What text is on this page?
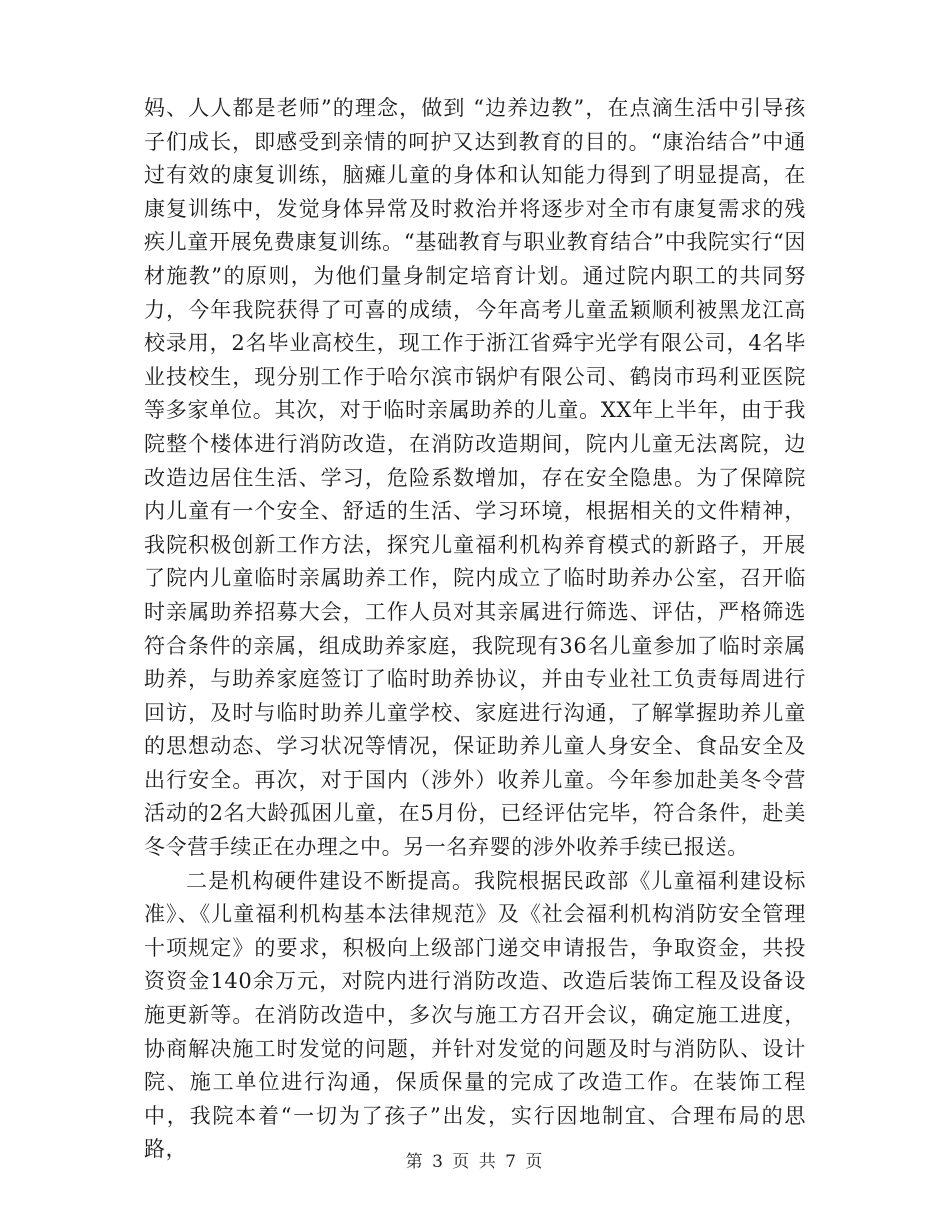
妈、人人都是老师”的理念，做到 “边养边教”，在点滴生活中引导孩子们成长，即感受到亲情的呵护又达到教育的目的。“康治结合”中通过有效的康复训练，脑瘫儿童的身体和认知能力得到了明显提高，在康复训练中，发觉身体异常及时救治并将逐步对全市有康复需求的残疾儿童开展免费康复训练。“基础教育与职业教育结合”中我院实行“因材施教”的原则，为他们量身制定培育计划。通过院内职工的共同努力，今年我院获得了可喜的成绩，今年高考儿童孟颖顺利被黑龙江高校录用，2名毕业高校生，现工作于浙江省舜宇光学有限公司，4名毕业技校生，现分别工作于哈尔滨市锅炉有限公司、鹤岗市玛利亚医院等多家单位。其次，对于临时亲属助养的儿童。XX年上半年，由于我院整个楼体进行消防改造，在消防改造期间，院内儿童无法离院，边改造边居住生活、学习，危险系数增加，存在安全隐患。为了保障院内儿童有一个安全、舒适的生活、学习环境，根据相关的文件精神，我院积极创新工作方法，探究儿童福利机构养育模式的新路子，开展了院内儿童临时亲属助养工作，院内成立了临时助养办公室，召开临时亲属助养招募大会，工作人员对其亲属进行筛选、评估，严格筛选符合条件的亲属，组成助养家庭，我院现有36名儿童参加了临时亲属助养，与助养家庭签订了临时助养协议，并由专业社工负责每周进行回访，及时与临时助养儿童学校、家庭进行沟通，了解掌握助养儿童的思想动态、学习状况等情况，保证助养儿童人身安全、食品安全及出行安全。再次，对于国内（涉外）收养儿童。今年参加赴美冬令营活动的2名大龄孤困儿童，在5月份，已经评估完毕，符合条件，赴美冬令营手续正在办理之中。另一名弃婴的涉外收养手续已报送。

二是机构硬件建设不断提高。我院根据民政部《儿童福利建设标准》、《儿童福利机构基本法律规范》及《社会福利机构消防安全管理十项规定》的要求，积极向上级部门递交申请报告，争取资金，共投资资金140余万元，对院内进行消防改造、改造后装饰工程及设备设施更新等。在消防改造中，多次与施工方召开会议，确定施工进度，协商解决施工时发觉的问题，并针对发觉的问题及时与消防队、设计院、施工单位进行沟通，保质保量的完成了改造工作。在装饰工程中，我院本着“一切为了孩子”出发，实行因地制宜、合理布局的思路，

第 3 页 共 7 页
